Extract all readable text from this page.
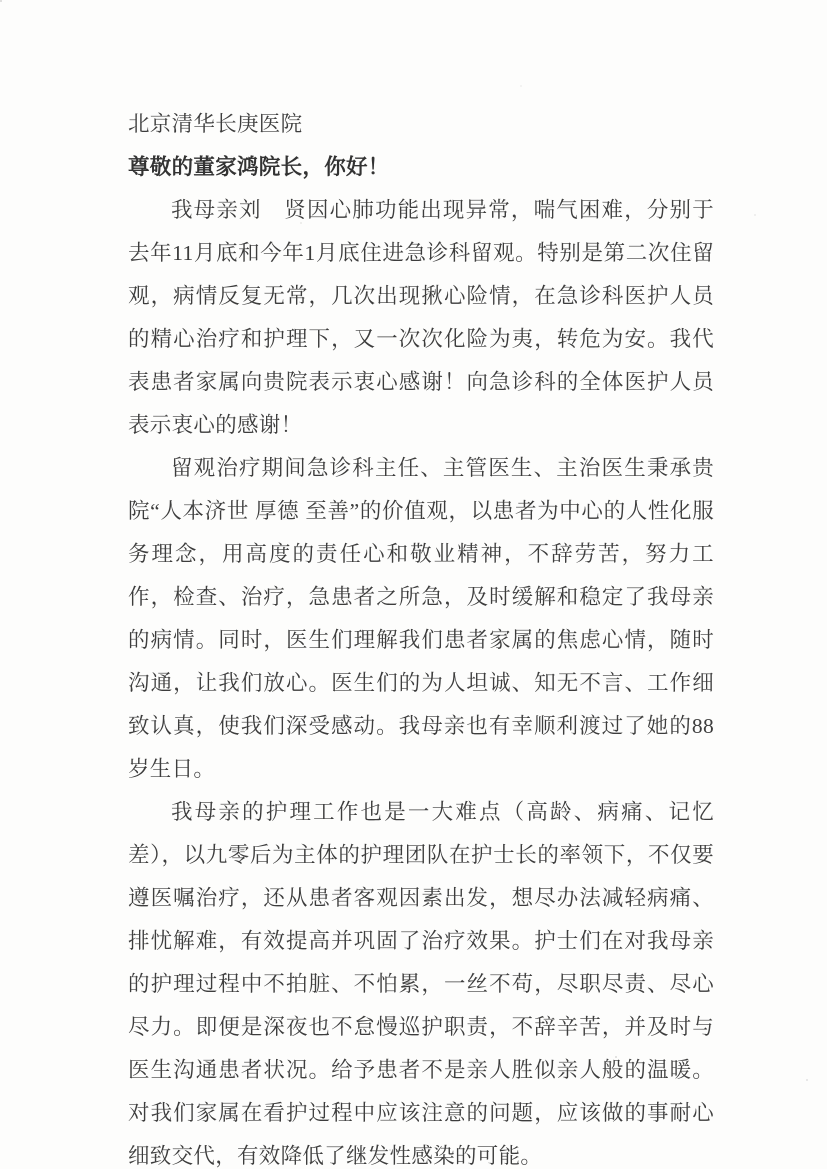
北京清华长庚医院

尊敬的董家鸿院长，你好！

我母亲刘　贤因心肺功能出现异常，喘气困难，分别于去年11月底和今年1月底住进急诊科留观。特别是第二次住留观，病情反复无常，几次出现揪心险情，在急诊科医护人员的精心治疗和护理下，又一次次化险为夷，转危为安。我代表患者家属向贵院表示衷心感谢！向急诊科的全体医护人员表示衷心的感谢！

留观治疗期间急诊科主任、主管医生、主治医生秉承贵院“人本济世 厚德 至善”的价值观，以患者为中心的人性化服务理念，用高度的责任心和敬业精神，不辞劳苦，努力工作，检查、治疗，急患者之所急，及时缓解和稳定了我母亲的病情。同时，医生们理解我们患者家属的焦虑心情，随时沟通，让我们放心。医生们的为人坦诚、知无不言、工作细致认真，使我们深受感动。我母亲也有幸顺利渡过了她的88岁生日。

我母亲的护理工作也是一大难点（高龄、病痛、记忆差），以九零后为主体的护理团队在护士长的率领下，不仅要遵医嘱治疗，还从患者客观因素出发，想尽办法减轻病痛、排忧解难，有效提高并巩固了治疗效果。护士们在对我母亲的护理过程中不拍脏、不怕累，一丝不苟，尽职尽责、尽心尽力。即便是深夜也不怠慢巡护职责，不辞辛苦，并及时与医生沟通患者状况。给予患者不是亲人胜似亲人般的温暖。对我们家属在看护过程中应该注意的问题，应该做的事耐心细致交代，有效降低了继发性感染的可能。
